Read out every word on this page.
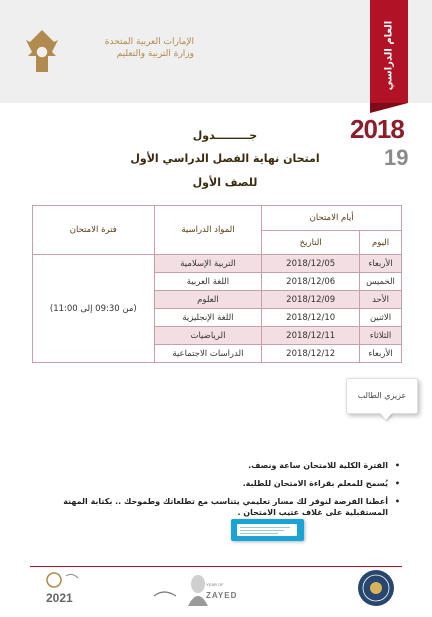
الإمارات العربية المتحدة
وزارة التربية والتعليم	العام الدراسي
2018
19
جـــــــــدول
امتحان نهاية الفصل الدراسي الأول
للصف الأول
أيام الامتحان		المواد الدراسية	فترة الامتحان
اليوم	التاريخ		
الأربعاء	2018/12/05	التربية الإسلامية	(من 09:30 إلى 11:00)
الخميس	2018/12/06	اللغة العربية	
الأحد	2018/12/09	العلوم	
الاثنين	2018/12/10	اللغة الإنجليزية	
الثلاثاء	2018/12/11	الرياضيات	
الأربعاء	2018/12/12	الدراسات الاجتماعية	
عزيزي الطالب
•
الفترة الكلية للامتحان ساعة ونصف.
•
يُسمح للمعلم بقراءة الامتحان للطلبة.
•
أعطنا الفرصة لنوفر لك مسار تعليمي يتناسب مع تطلعاتك وطموحك .. بكتابة المهنة المستقبلية على غلاف عتيب الامتحان .
2021
YEAR OF
ZAYED
